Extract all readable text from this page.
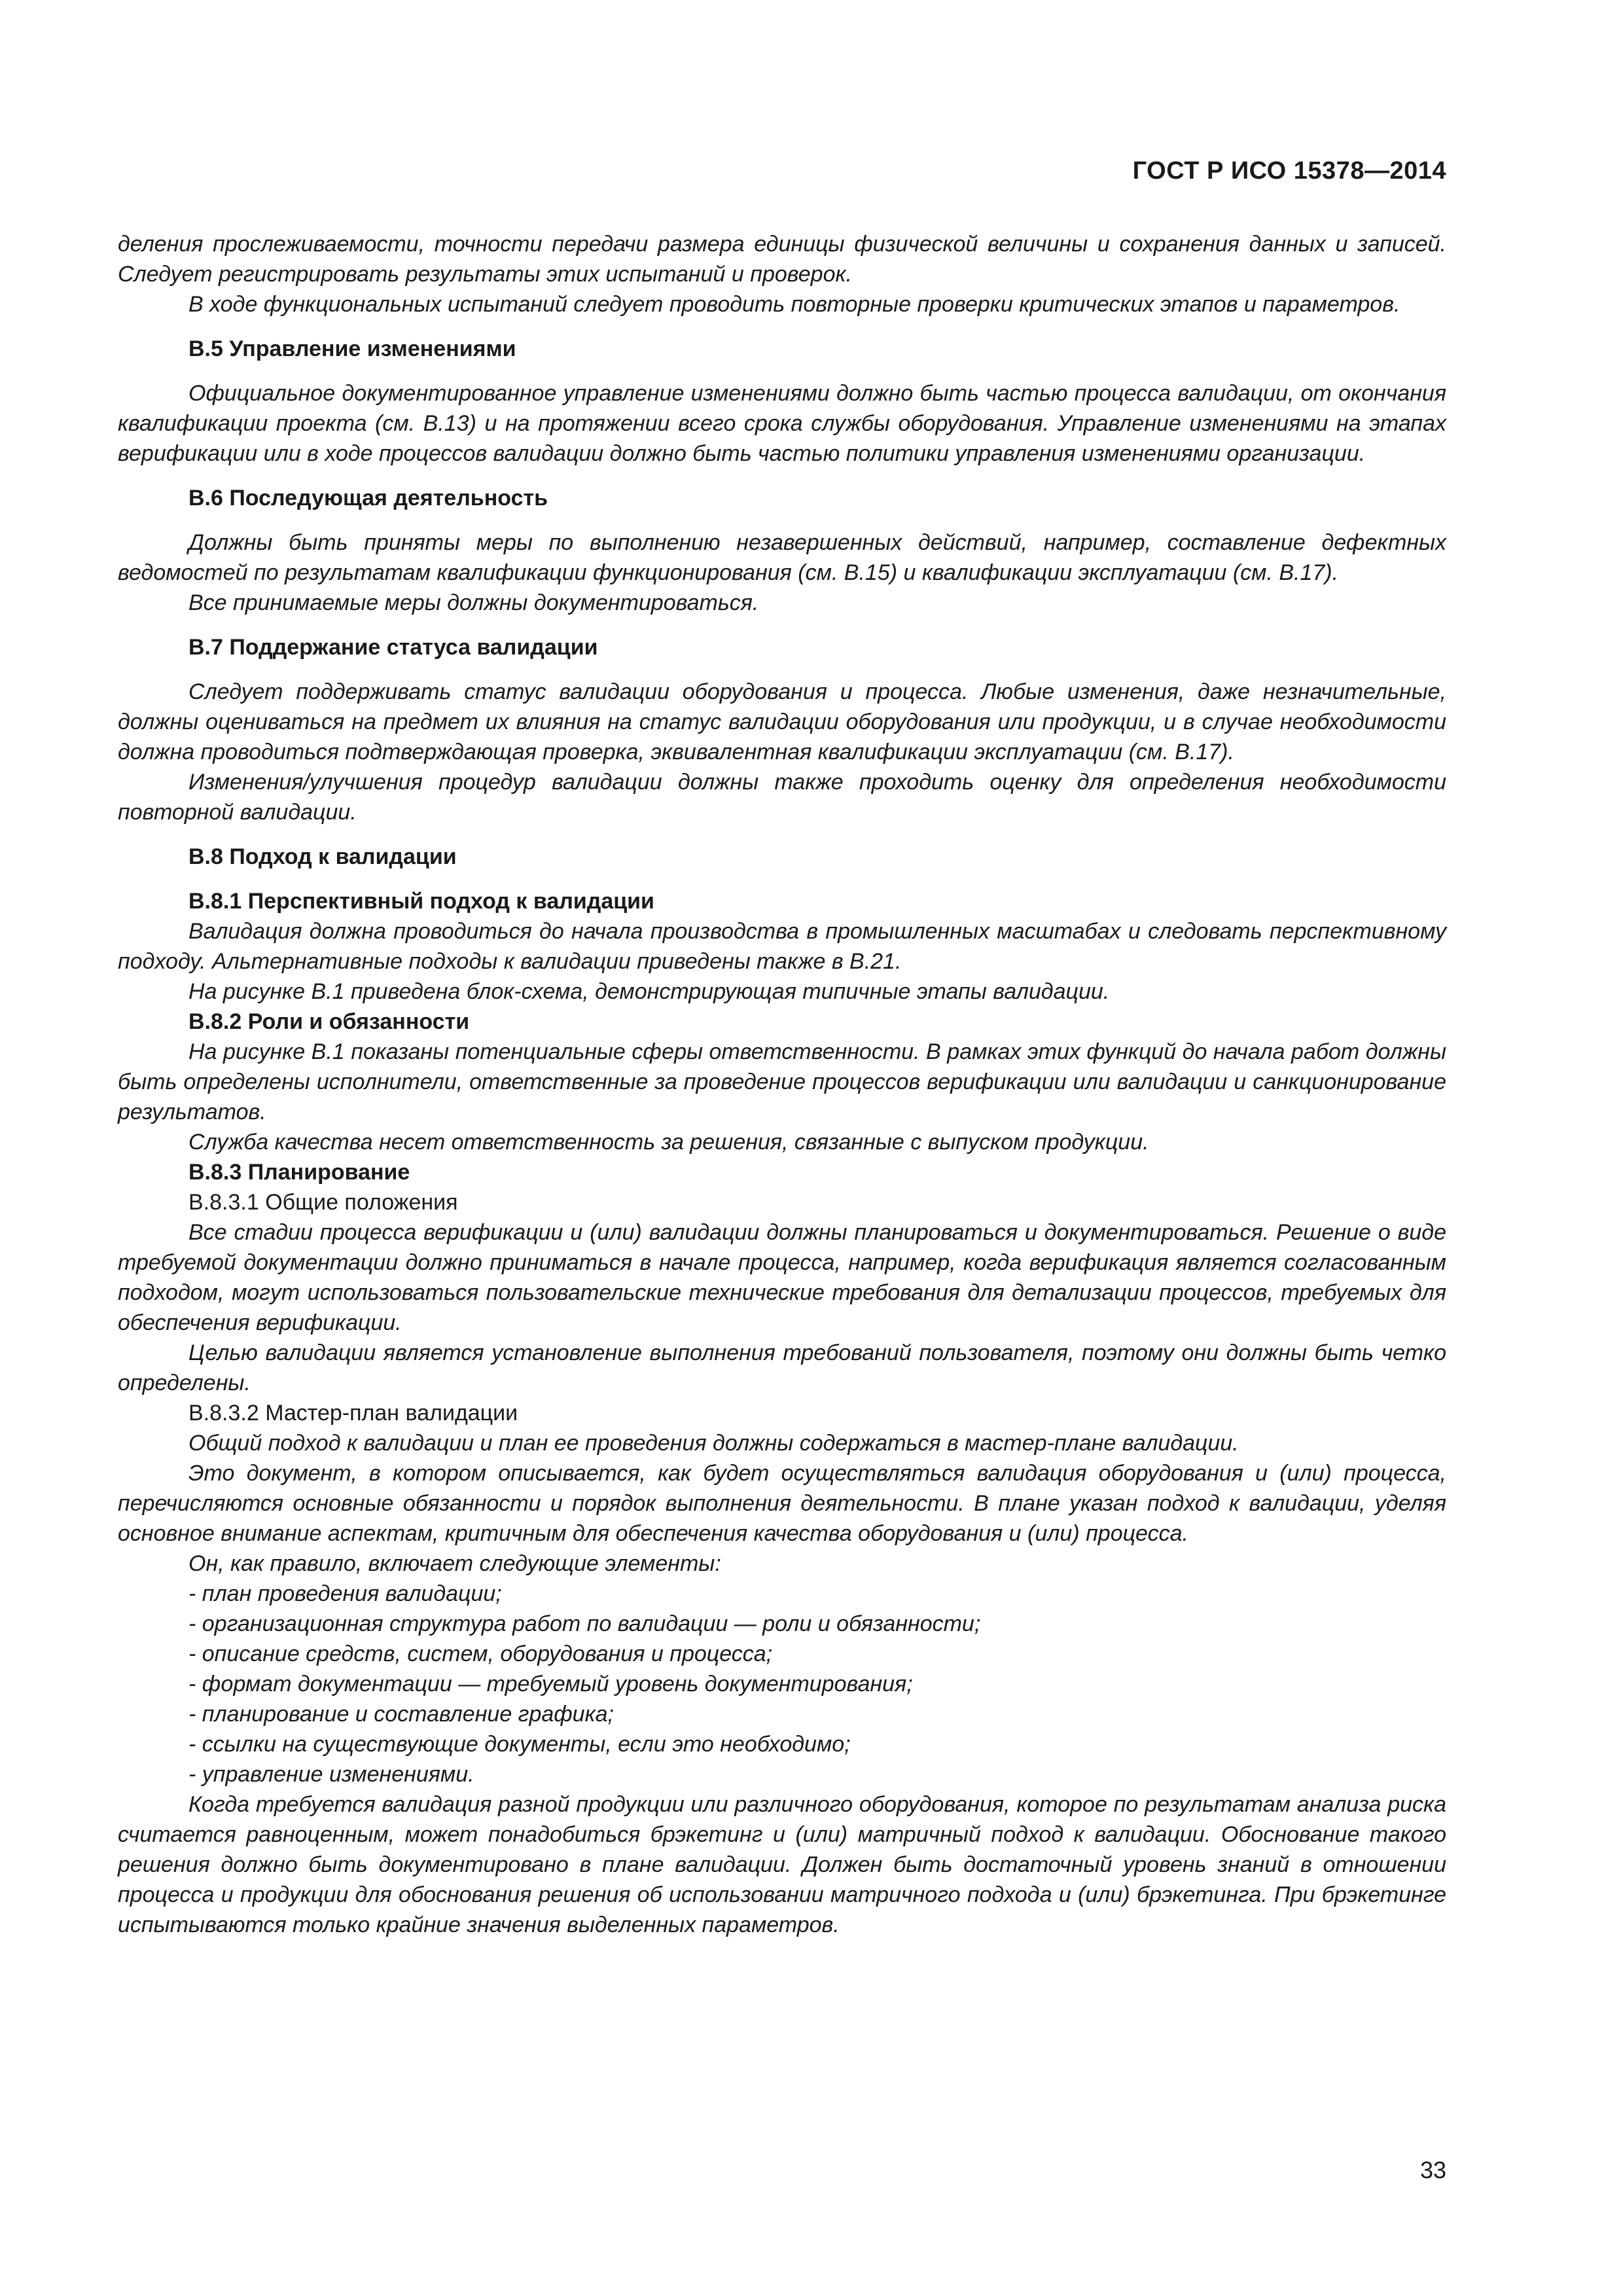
ГОСТ Р ИСО 15378—2014

деления прослеживаемости, точности передачи размера единицы физической величины и сохранения данных и записей. Следует регистрировать результаты этих испытаний и проверок.

В ходе функциональных испытаний следует проводить повторные проверки критических этапов и параметров.

В.5 Управление изменениями

Официальное документированное управление изменениями должно быть частью процесса валидации, от окончания квалификации проекта (см. В.13) и на протяжении всего срока службы оборудования. Управление изменениями на этапах верификации или в ходе процессов валидации должно быть частью политики управления изменениями организации.

В.6 Последующая деятельность

Должны быть приняты меры по выполнению незавершенных действий, например, составление дефектных ведомостей по результатам квалификации функционирования (см. В.15) и квалификации эксплуатации (см. В.17).

Все принимаемые меры должны документироваться.

В.7 Поддержание статуса валидации

Следует поддерживать статус валидации оборудования и процесса. Любые изменения, даже незначительные, должны оцениваться на предмет их влияния на статус валидации оборудования или продукции, и в случае необходимости должна проводиться подтверждающая проверка, эквивалентная квалификации эксплуатации (см. В.17).

Изменения/улучшения процедур валидации должны также проходить оценку для определения необходимости повторной валидации.

В.8 Подход к валидации

В.8.1 Перспективный подход к валидации

Валидация должна проводиться до начала производства в промышленных масштабах и следовать перспективному подходу. Альтернативные подходы к валидации приведены также в В.21.

На рисунке В.1 приведена блок-схема, демонстрирующая типичные этапы валидации.

В.8.2 Роли и обязанности

На рисунке В.1 показаны потенциальные сферы ответственности. В рамках этих функций до начала работ должны быть определены исполнители, ответственные за проведение процессов верификации или валидации и санкционирование результатов.

Служба качества несет ответственность за решения, связанные с выпуском продукции.

В.8.3 Планирование

В.8.3.1 Общие положения

Все стадии процесса верификации и (или) валидации должны планироваться и документироваться. Решение о виде требуемой документации должно приниматься в начале процесса, например, когда верификация является согласованным подходом, могут использоваться пользовательские технические требования для детализации процессов, требуемых для обеспечения верификации.

Целью валидации является установление выполнения требований пользователя, поэтому они должны быть четко определены.

В.8.3.2 Мастер-план валидации

Общий подход к валидации и план ее проведения должны содержаться в мастер-плане валидации.

Это документ, в котором описывается, как будет осуществляться валидация оборудования и (или) процесса, перечисляются основные обязанности и порядок выполнения деятельности. В плане указан подход к валидации, уделяя основное внимание аспектам, критичным для обеспечения качества оборудования и (или) процесса.

Он, как правило, включает следующие элементы:

- план проведения валидации;

- организационная структура работ по валидации — роли и обязанности;

- описание средств, систем, оборудования и процесса;

- формат документации — требуемый уровень документирования;

- планирование и составление графика;

- ссылки на существующие документы, если это необходимо;

- управление изменениями.

Когда требуется валидация разной продукции или различного оборудования, которое по результатам анализа риска считается равноценным, может понадобиться брэкетинг и (или) матричный подход к валидации. Обоснование такого решения должно быть документировано в плане валидации. Должен быть достаточный уровень знаний в отношении процесса и продукции для обоснования решения об использовании матричного подхода и (или) брэкетинга. При брэкетинге испытываются только крайние значения выделенных параметров.

33
